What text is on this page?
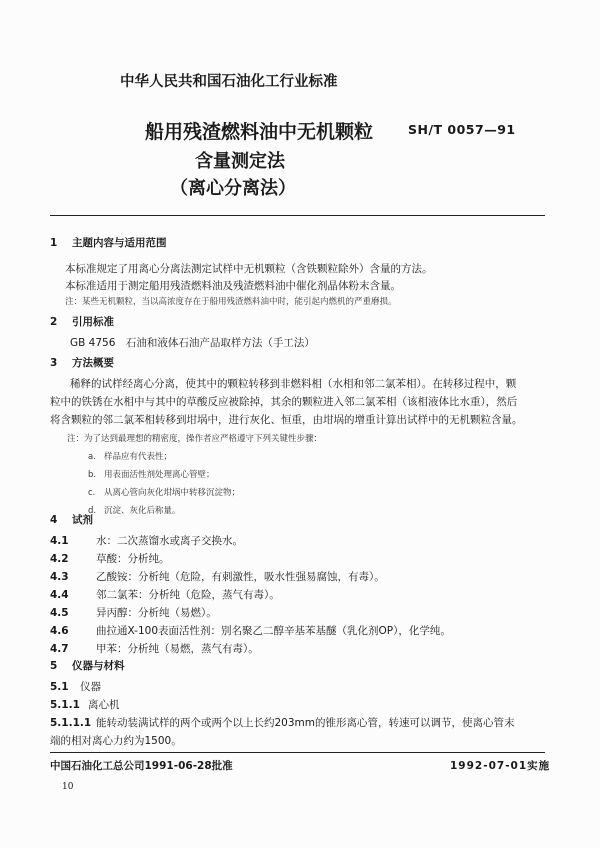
中华人民共和国石油化工行业标准
船用残渣燃料油中无机颗粒	SH/T 0057—91
含量测定法
（离心分离法）
1 主题内容与适用范围
本标准规定了用离心分离法测定试样中无机颗粒（含铁颗粒除外）含量的方法。
本标准适用于测定船用残渣燃料油及残渣燃料油中催化剂晶体粉末含量。
注：某些无机颗粒，当以高浓度存在于船用残渣燃料油中时，能引起内燃机的严重磨损。
2 引用标准
GB 4756　石油和液体石油产品取样方法（手工法）
3 方法概要
稀释的试样经离心分离，使其中的颗粒转移到非燃料相（水相和邻二氯苯相）。在转移过程中，颗
粒中的铁锈在水相中与其中的草酸反应被除掉，其余的颗粒进入邻二氯苯相（该相液体比水重），然后
将含颗粒的邻二氯苯相转移到坩埚中，进行灰化、恒重，由坩埚的增重计算出试样中的无机颗粒含量。
注：为了达到最理想的精密度，操作者应严格遵守下列关键性步骤：
a. 样品应有代表性；
b. 用表面活性剂处理离心管壁；
c. 从离心管向灰化坩埚中转移沉淀物；
d. 沉淀、灰化后称量。
4 试剂
4.1	水：二次蒸馏水或离子交换水。
4.2	草酸：分析纯。
4.3	乙酸铵：分析纯（危险，有刺激性，吸水性强易腐蚀，有毒）。
4.4	邻二氯苯：分析纯（危险，蒸气有毒）。
4.5	异丙醇：分析纯（易燃）。
4.6	曲拉通X-100表面活性剂：别名聚乙二醇辛基苯基醚（乳化剂OP），化学纯。
4.7	甲苯：分析纯（易燃，蒸气有毒）。
5 仪器与材料
5.1 仪器
5.1.1 离心机
5.1.1.1 能转动装满试样的两个或两个以上长约203mm的锥形离心管，转速可以调节，使离心管末
端的相对离心力约为1500。
中国石油化工总公司1991-06-28批准	1992-07-01实施
10
